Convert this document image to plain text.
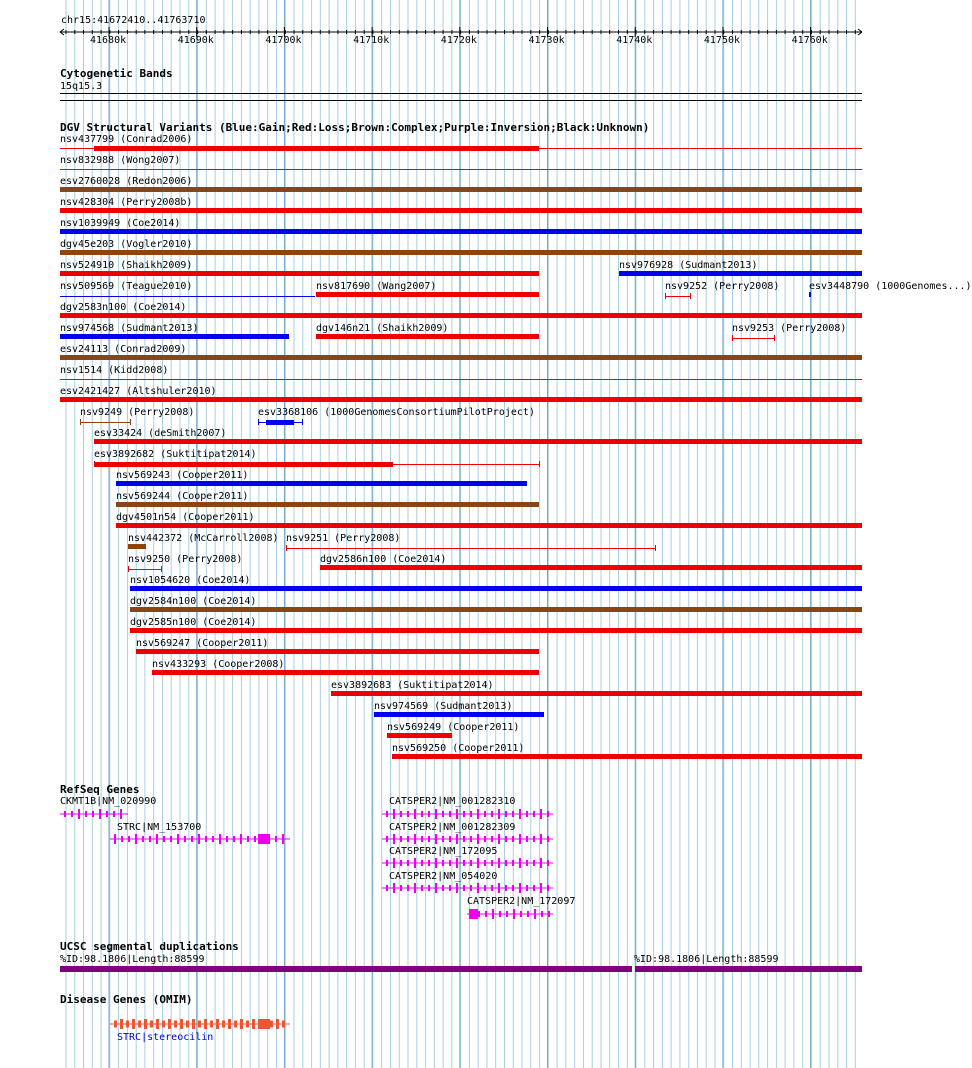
chr15:41672410..41763710
41680k	41690k	41700k	41710k	41720k	41730k	41740k	41750k	41760k
Cytogenetic Bands
15q15.3
DGV Structural Variants (Blue:Gain;Red:Loss;Brown:Complex;Purple:Inversion;Black:Unknown)
nsv437799 (Conrad2006)
nsv832988 (Wong2007)
esv2760028 (Redon2006)
nsv428304 (Perry2008b)
nsv1039949 (Coe2014)
dgv45e203 (Vogler2010)
nsv524910 (Shaikh2009)	nsv976928 (Sudmant2013)
nsv509569 (Teague2010)	nsv817690 (Wang2007)	nsv9252 (Perry2008)	esv3448790 (1000Genomes...)
dgv2583n100 (Coe2014)
nsv974568 (Sudmant2013)	dgv146n21 (Shaikh2009)	nsv9253 (Perry2008)
esv24113 (Conrad2009)
nsv1514 (Kidd2008)
esv2421427 (Altshuler2010)
nsv9249 (Perry2008)	esv3368106 (1000GenomesConsortiumPilotProject)
esv33424 (deSmith2007)
esv3892682 (Suktitipat2014)
nsv569243 (Cooper2011)
nsv569244 (Cooper2011)
dgv4501n54 (Cooper2011)
nsv442372 (McCarroll2008) nsv9251 (Perry2008)
nsv9250 (Perry2008)	dgv2586n100 (Coe2014)
nsv1054620 (Coe2014)
dgv2584n100 (Coe2014)
dgv2585n100 (Coe2014)
nsv569247 (Cooper2011)
nsv433293 (Cooper2008)
esv3892683 (Suktitipat2014)
nsv974569 (Sudmant2013)
nsv569249 (Cooper2011)
nsv569250 (Cooper2011)
RefSeq Genes
CKMT1B|NM_020990
STRC|NM_153700
CATSPER2|NM_001282310
CATSPER2|NM_001282309
CATSPER2|NM_172095
CATSPER2|NM_054020
CATSPER2|NM_172097
UCSC segmental duplications
%ID:98.1806|Length:88599	%ID:98.1806|Length:88599
Disease Genes (OMIM)
STRC|stereocilin
